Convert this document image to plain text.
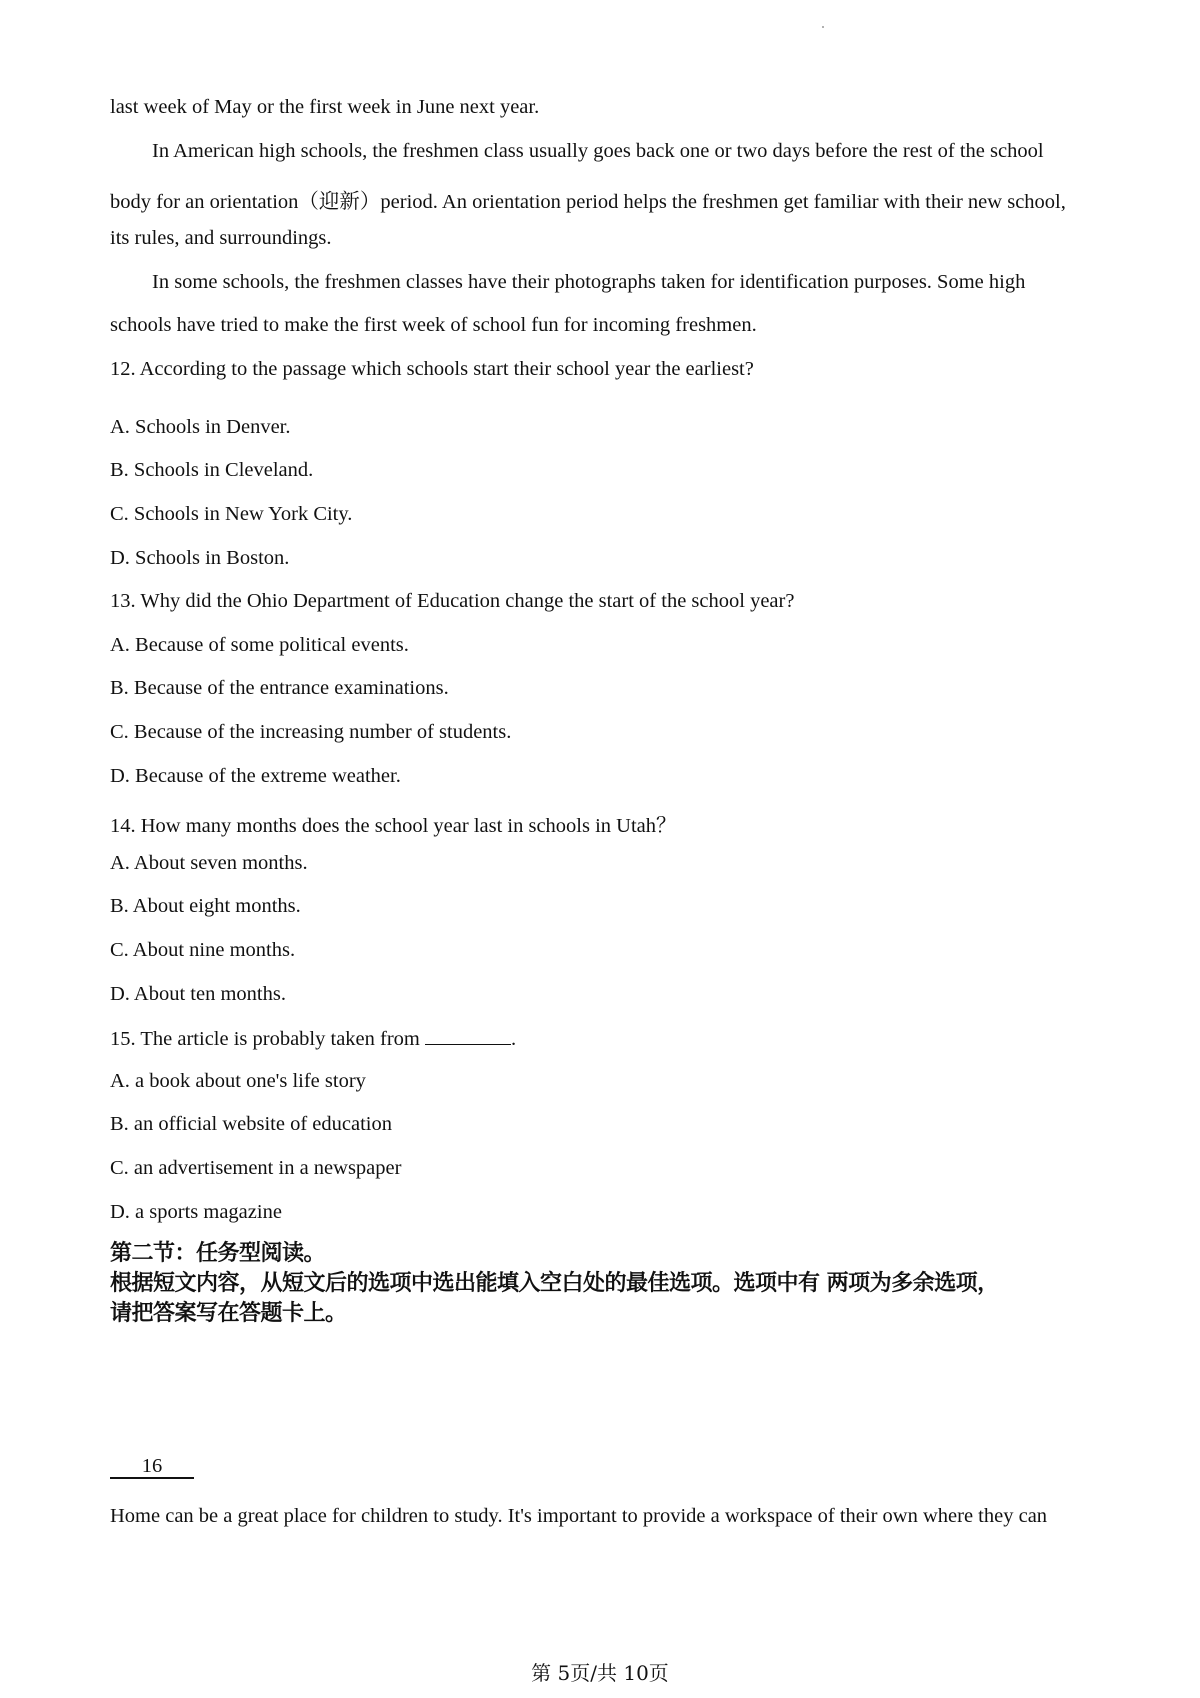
last week of May or the first week in June next year.
In American high schools, the freshmen class usually goes back one or two days before the rest of the school
body for an orientation（迎新）period. An orientation period helps the freshmen get familiar with their new school,
its rules, and surroundings.
In some schools, the freshmen classes have their photographs taken for identification purposes. Some high
schools have tried to make the first week of school fun for incoming freshmen.
12. According to the passage which schools start their school year the earliest?
A. Schools in Denver.
B. Schools in Cleveland.
C. Schools in New York City.
D. Schools in Boston.
13. Why did the Ohio Department of Education change the start of the school year?
A. Because of some political events.
B. Because of the entrance examinations.
C. Because of the increasing number of students.
D. Because of the extreme weather.
14. How many months does the school year last in schools in Utah？
A. About seven months.
B. About eight months.
C. About nine months.
D. About ten months.
15. The article is probably taken from	.
A. a book about one's life story
B. an official website of education
C. an advertisement in a newspaper
D. a sports magazine
第二节：任务型阅读。
根据短文内容，从短文后的选项中选出能填入空白处的最佳选项。选项中有 两项为多余选项，
请把答案写在答题卡上。
16
Home can be a great place for children to study. It's important to provide a workspace of their own where they can
第 5页/共 10页
